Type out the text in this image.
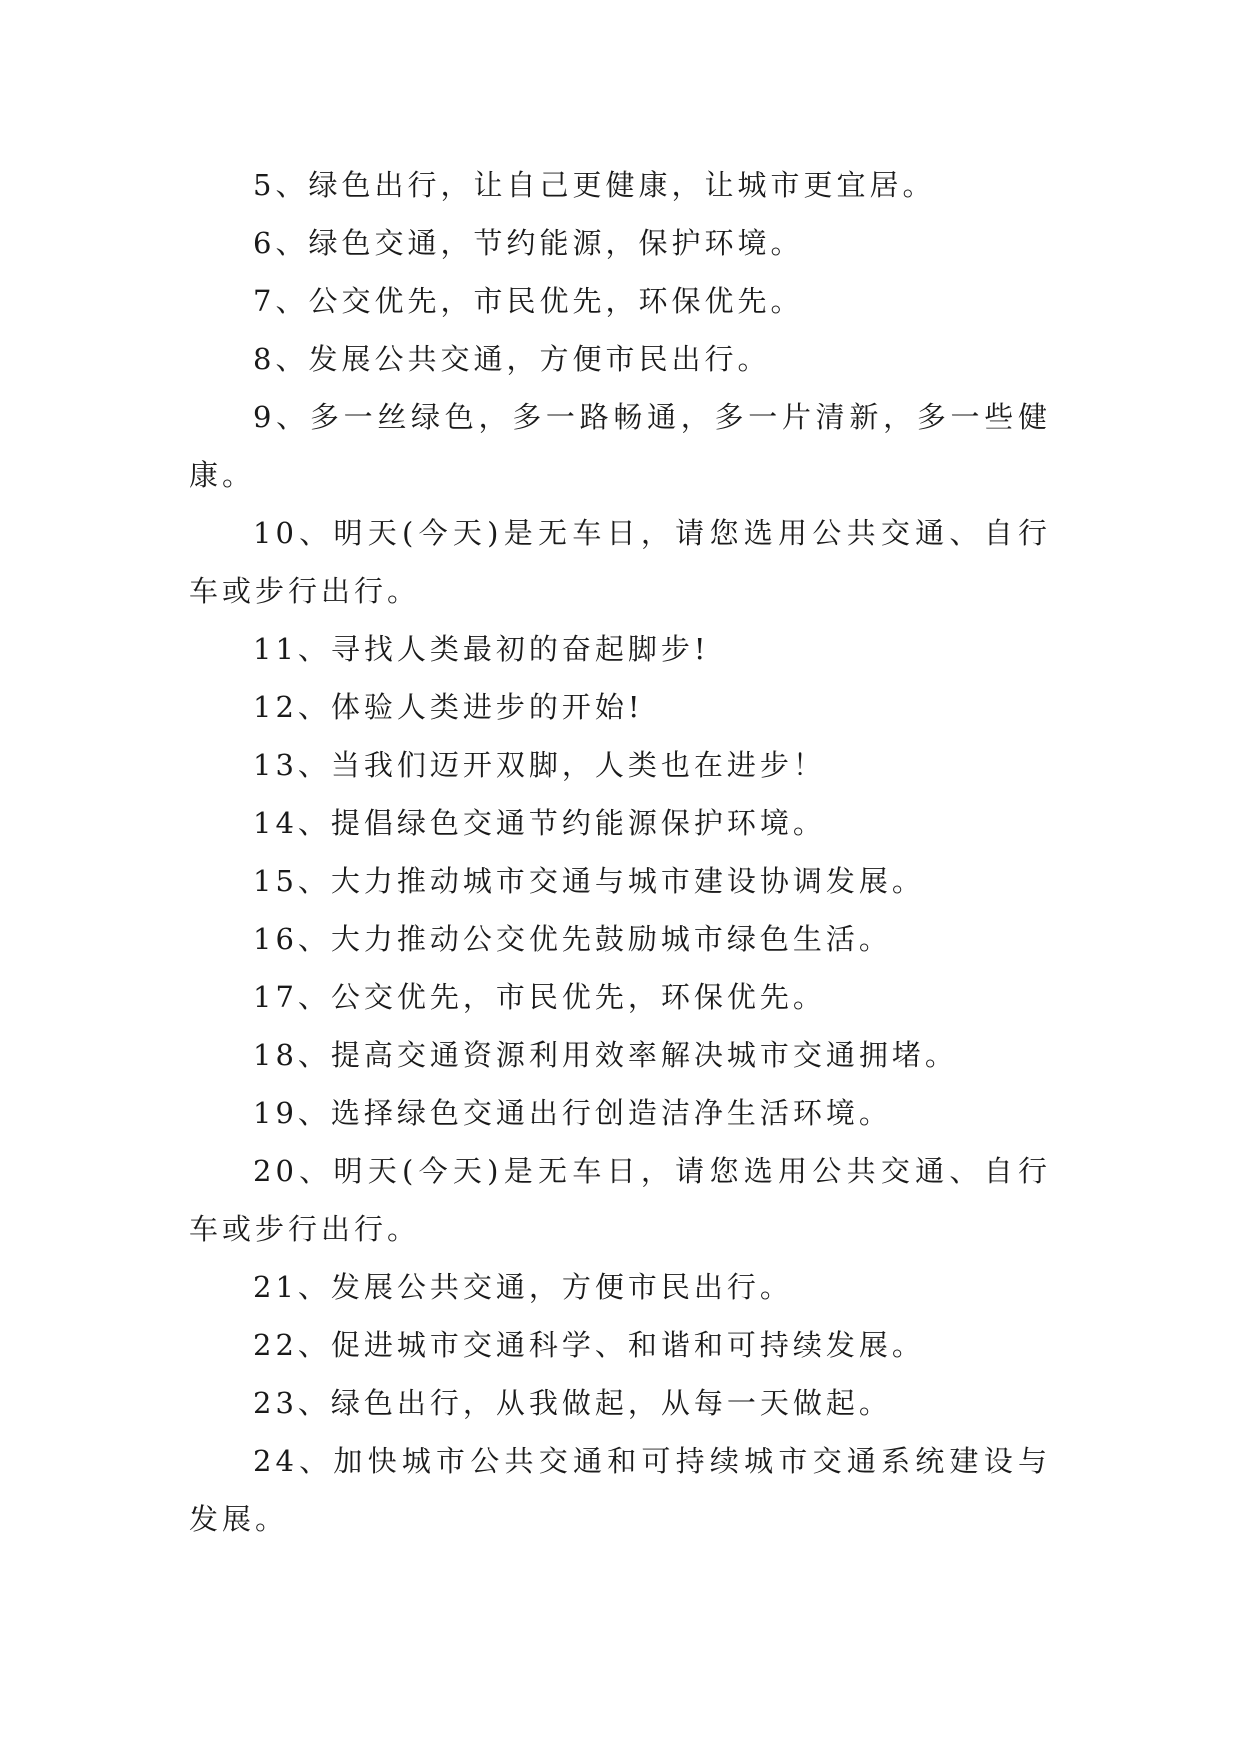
5、绿色出行，让自己更健康，让城市更宜居。

6、绿色交通，节约能源，保护环境。

7、公交优先，市民优先，环保优先。

8、发展公共交通，方便市民出行。

9、多一丝绿色，多一路畅通，多一片清新，多一些健康。

10、明天(今天)是无车日，请您选用公共交通、自行车或步行出行。

11、寻找人类最初的奋起脚步!

12、体验人类进步的开始!

13、当我们迈开双脚，人类也在进步！

14、提倡绿色交通节约能源保护环境。

15、大力推动城市交通与城市建设协调发展。

16、大力推动公交优先鼓励城市绿色生活。

17、公交优先，市民优先，环保优先。

18、提高交通资源利用效率解决城市交通拥堵。

19、选择绿色交通出行创造洁净生活环境。

20、明天(今天)是无车日，请您选用公共交通、自行车或步行出行。

21、发展公共交通，方便市民出行。

22、促进城市交通科学、和谐和可持续发展。

23、绿色出行，从我做起，从每一天做起。

24、加快城市公共交通和可持续城市交通系统建设与发展。
